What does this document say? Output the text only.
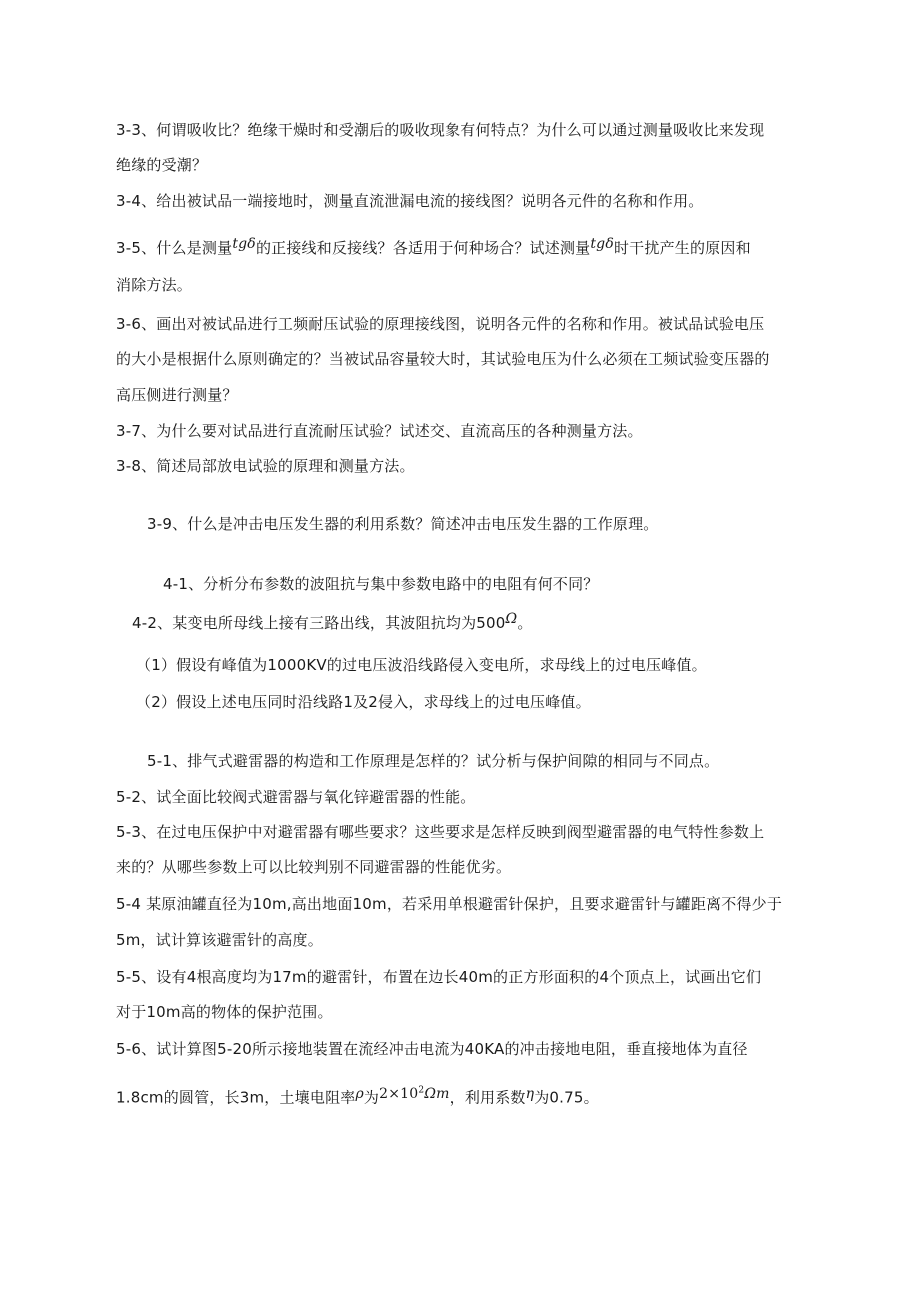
3-3、何谓吸收比？绝缘干燥时和受潮后的吸收现象有何特点？为什么可以通过测量吸收比来发现
绝缘的受潮？
3-4、给出被试品一端接地时，测量直流泄漏电流的接线图？说明各元件的名称和作用。
3-5、什么是测量tgδ的正接线和反接线？各适用于何种场合？试述测量tgδ时干扰产生的原因和
消除方法。
3-6、画出对被试品进行工频耐压试验的原理接线图，说明各元件的名称和作用。被试品试验电压
的大小是根据什么原则确定的？当被试品容量较大时，其试验电压为什么必须在工频试验变压器的
高压侧进行测量？
3-7、为什么要对试品进行直流耐压试验？试述交、直流高压的各种测量方法。
3-8、简述局部放电试验的原理和测量方法。
3-9、什么是冲击电压发生器的利用系数？简述冲击电压发生器的工作原理。
4-1、分析分布参数的波阻抗与集中参数电路中的电阻有何不同？
4-2、某变电所母线上接有三路出线，其波阻抗均为500Ω。
（1）假设有峰值为1000KV的过电压波沿线路侵入变电所，求母线上的过电压峰值。
（2）假设上述电压同时沿线路1及2侵入，求母线上的过电压峰值。
5-1、排气式避雷器的构造和工作原理是怎样的？试分析与保护间隙的相同与不同点。
5-2、试全面比较阀式避雷器与氧化锌避雷器的性能。
5-3、在过电压保护中对避雷器有哪些要求？这些要求是怎样反映到阀型避雷器的电气特性参数上
来的？从哪些参数上可以比较判别不同避雷器的性能优劣。
5-4 某原油罐直径为10m,高出地面10m，若采用单根避雷针保护，且要求避雷针与罐距离不得少于
5m，试计算该避雷针的高度。
5-5、设有4根高度均为17m的避雷针，布置在边长40m的正方形面积的4个顶点上，试画出它们
对于10m高的物体的保护范围。
5-6、试计算图5-20所示接地装置在流经冲击电流为40KA的冲击接地电阻，垂直接地体为直径
1.8cm的圆管，长3m，土壤电阻率ρ为$2\times 10^2\Omega m$，利用系数η为0.75。
